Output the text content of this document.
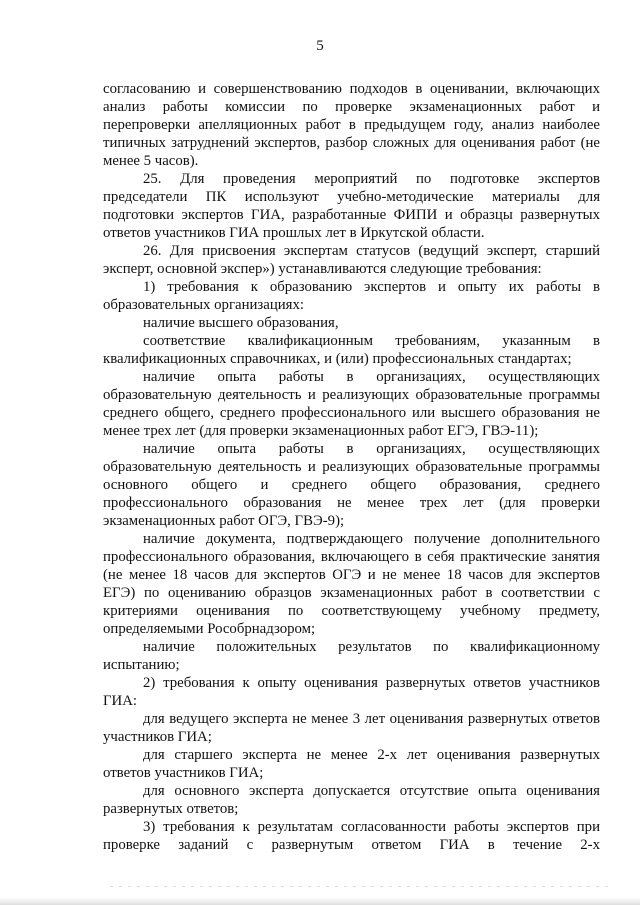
5

согласованию и совершенствованию подходов в оценивании, включающих

анализ работы комиссии по проверке экзаменационных работ и

перепроверки апелляционных работ в предыдущем году, анализ наиболее

типичных затруднений экспертов, разбор сложных для оценивания работ (не

менее 5 часов).

25. Для проведения мероприятий по подготовке экспертов

председатели ПК используют учебно-методические материалы для

подготовки экспертов ГИА, разработанные ФИПИ и образцы развернутых

ответов участников ГИА прошлых лет в Иркутской области.

26. Для присвоения экспертам статусов (ведущий эксперт, старший

эксперт, основной экспер») устанавливаются следующие требования:

1) требования к образованию экспертов и опыту их работы в

образовательных организациях:

наличие высшего образования,

соответствие квалификационным требованиям, указанным в

квалификационных справочниках, и (или) профессиональных стандартах;

наличие опыта работы в организациях, осуществляющих

образовательную деятельность и реализующих образовательные программы

среднего общего, среднего профессионального или высшего образования не

менее трех лет (для проверки экзаменационных работ ЕГЭ, ГВЭ-11);

наличие опыта работы в организациях, осуществляющих

образовательную деятельность и реализующих образовательные программы

основного общего и среднего общего образования, среднего

профессионального образования не менее трех лет (для проверки

экзаменационных работ ОГЭ, ГВЭ-9);

наличие документа, подтверждающего получение дополнительного

профессионального образования, включающего в себя практические занятия

(не менее 18 часов для экспертов ОГЭ и не менее 18 часов для экспертов

ЕГЭ) по оцениванию образцов экзаменационных работ в соответствии с

критериями оценивания по соответствующему учебному предмету,

определяемыми Рособрнадзором;

наличие положительных результатов по квалификационному

испытанию;

2) требования к опыту оценивания развернутых ответов участников

ГИА:

для ведущего эксперта не менее 3 лет оценивания развернутых ответов

участников ГИА;

для старшего эксперта не менее 2-х лет оценивания развернутых

ответов участников ГИА;

для основного эксперта допускается отсутствие опыта оценивания

развернутых ответов;

3) требования к результатам согласованности работы экспертов при

проверке заданий с развернутым ответом ГИА в течение 2-х
